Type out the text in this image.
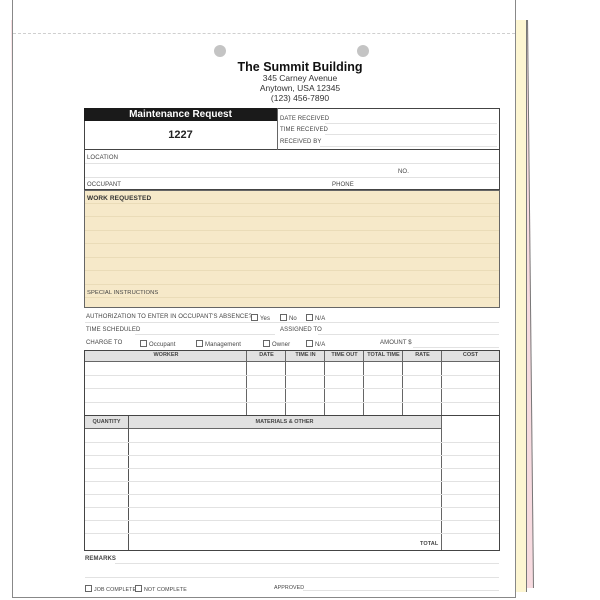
The Summit Building
345 Carney Avenue
Anytown, USA 12345
(123) 456-7890
Maintenance Request
1227
DATE RECEIVED
TIME RECEIVED
RECEIVED BY
LOCATION
NO.
OCCUPANT	PHONE
WORK REQUESTED
SPECIAL INSTRUCTIONS
AUTHORIZATION TO ENTER IN OCCUPANT'S ABSENCE?	Yes	No	N/A
TIME SCHEDULED	ASSIGNED TO
CHARGE TO	Occupant	Management	Owner	N/A	AMOUNT $
WORKER	DATE	TIME IN	TIME OUT	TOTAL TIME	RATE	COST
QUANTITY	MATERIALS & OTHER
TOTAL
REMARKS
JOB COMPLETE	NOT COMPLETE	APPROVED
